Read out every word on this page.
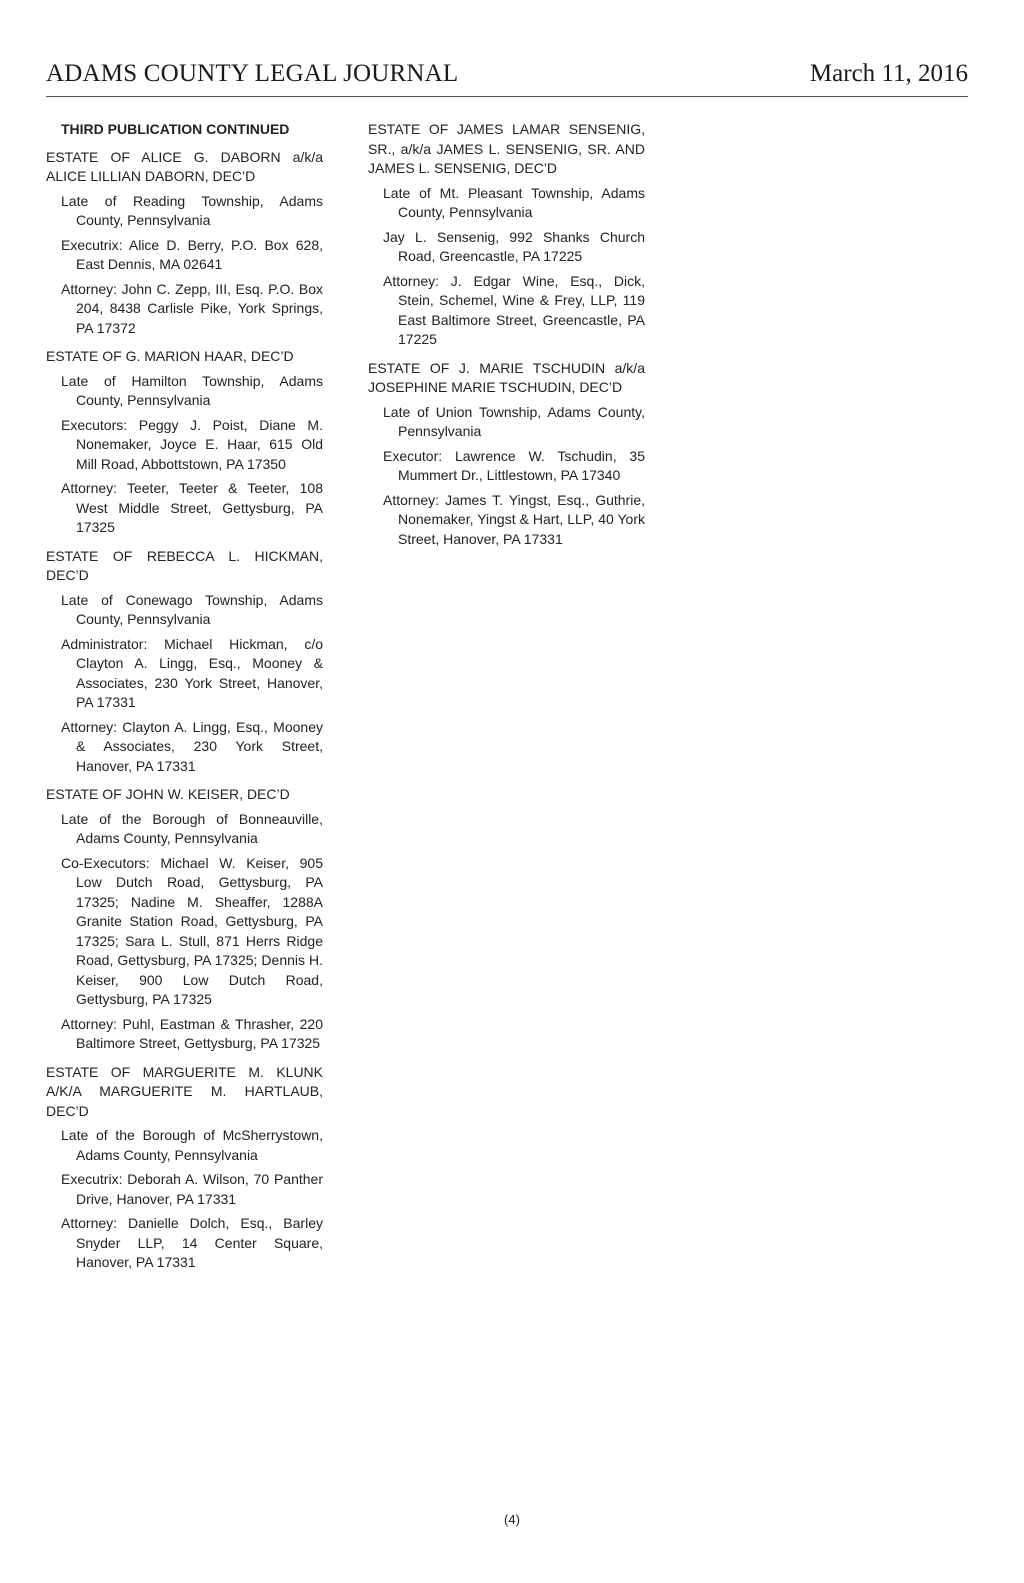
ADAMS COUNTY LEGAL JOURNAL	March 11, 2016
THIRD PUBLICATION CONTINUED
ESTATE OF ALICE G. DABORN a/k/a ALICE LILLIAN DABORN, DEC’D
Late of Reading Township, Adams County, Pennsylvania
Executrix: Alice D. Berry, P.O. Box 628, East Dennis, MA 02641
Attorney: John C. Zepp, III, Esq. P.O. Box 204, 8438 Carlisle Pike, York Springs, PA 17372
ESTATE OF G. MARION HAAR, DEC’D
Late of Hamilton Township, Adams County, Pennsylvania
Executors: Peggy J. Poist, Diane M. Nonemaker, Joyce E. Haar, 615 Old Mill Road, Abbottstown, PA 17350
Attorney: Teeter, Teeter & Teeter, 108 West Middle Street, Gettysburg, PA 17325
ESTATE OF REBECCA L. HICKMAN, DEC’D
Late of Conewago Township, Adams County, Pennsylvania
Administrator: Michael Hickman, c/o Clayton A. Lingg, Esq., Mooney & Associates, 230 York Street, Hanover, PA 17331
Attorney: Clayton A. Lingg, Esq., Mooney & Associates, 230 York Street, Hanover, PA 17331
ESTATE OF JOHN W. KEISER, DEC’D
Late of the Borough of Bonneauville, Adams County, Pennsylvania
Co-Executors: Michael W. Keiser, 905 Low Dutch Road, Gettysburg, PA 17325; Nadine M. Sheaffer, 1288A Granite Station Road, Gettysburg, PA 17325; Sara L. Stull, 871 Herrs Ridge Road, Gettysburg, PA 17325; Dennis H. Keiser, 900 Low Dutch Road, Gettysburg, PA 17325
Attorney: Puhl, Eastman & Thrasher, 220 Baltimore Street, Gettysburg, PA 17325
ESTATE OF MARGUERITE M. KLUNK A/K/A MARGUERITE M. HARTLAUB, DEC’D
Late of the Borough of McSherrystown, Adams County, Pennsylvania
Executrix: Deborah A. Wilson, 70 Panther Drive, Hanover, PA 17331
Attorney: Danielle Dolch, Esq., Barley Snyder LLP, 14 Center Square, Hanover, PA 17331
ESTATE OF JAMES LAMAR SENSENIG, SR., a/k/a JAMES L. SENSENIG, SR. AND JAMES L. SENSENIG, DEC’D
Late of Mt. Pleasant Township, Adams County, Pennsylvania
Jay L. Sensenig, 992 Shanks Church Road, Greencastle, PA 17225
Attorney: J. Edgar Wine, Esq., Dick, Stein, Schemel, Wine & Frey, LLP, 119 East Baltimore Street, Greencastle, PA 17225
ESTATE OF J. MARIE TSCHUDIN a/k/a JOSEPHINE MARIE TSCHUDIN, DEC’D
Late of Union Township, Adams County, Pennsylvania
Executor: Lawrence W. Tschudin, 35 Mummert Dr., Littlestown, PA 17340
Attorney: James T. Yingst, Esq., Guthrie, Nonemaker, Yingst & Hart, LLP, 40 York Street, Hanover, PA 17331
(4)
